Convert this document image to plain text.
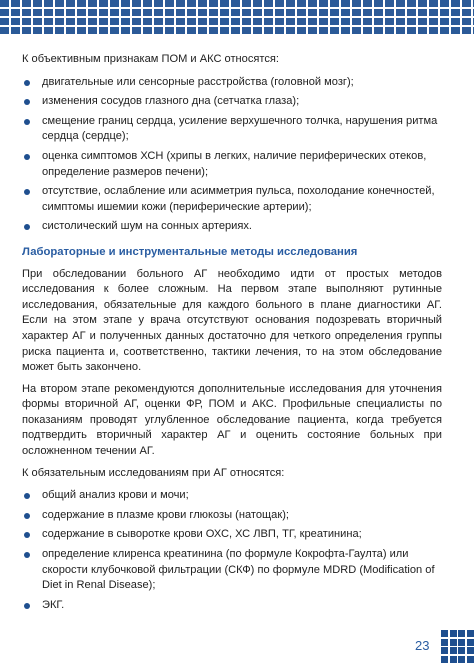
К объективным признакам ПОМ и АКС относятся:

двигательные или сенсорные расстройства (головной мозг);
изменения сосудов глазного дна (сетчатка глаза);
смещение границ сердца, усиление верхушечного толчка, нарушения ритма сердца (сердце);
оценка симптомов ХСН (хрипы в легких, наличие периферических отеков, определение размеров печени);
отсутствие, ослабление или асимметрия пульса, похолодание конечностей, симптомы ишемии кожи (периферические артерии);
систолический шум на сонных артериях.
Лабораторные и инструментальные методы исследования

При обследовании больного АГ необходимо идти от простых методов исследования к более сложным. На первом этапе выполняют рутинные исследования, обязательные для каждого больного в плане диагностики АГ. Если на этом этапе у врача отсутствуют основания подозревать вторичный характер АГ и полученных данных достаточно для четкого определения группы риска пациента и, соответственно, тактики лечения, то на этом обследование может быть закончено.

На втором этапе рекомендуются дополнительные исследования для уточнения формы вторичной АГ, оценки ФР, ПОМ и АКС. Профильные специалисты по показаниям проводят углубленное обследование пациента, когда требуется подтвердить вторичный характер АГ и оценить состояние больных при осложненном течении АГ.

К обязательным исследованиям при АГ относятся:

общий анализ крови и мочи;
содержание в плазме крови глюкозы (натощак);
содержание в сыворотке крови ОХС, ХС ЛВП, ТГ, креатинина;
определение клиренса креатинина (по формуле Кокрофта-Гаулта) или скорости клубочковой фильтрации (СКФ) по формуле MDRD (Modification of Diet in Renal Disease);
ЭКГ.
23
